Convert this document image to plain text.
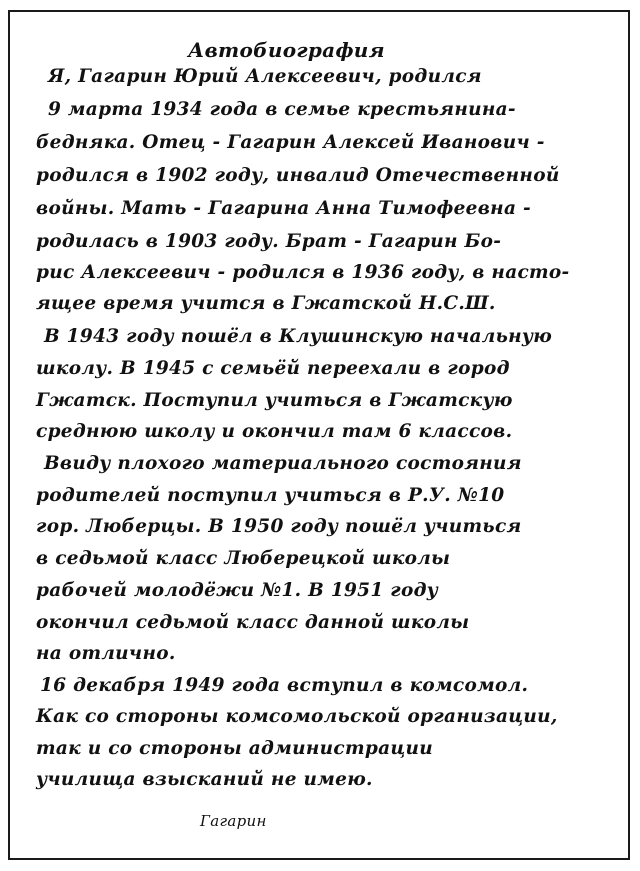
Автобиография
Я, Гагарин Юрий Алексеевич, родился
9 марта 1934 года в семье крестьянина-
бедняка. Отец - Гагарин Алексей Иванович -
родился в 1902 году, инвалид Отечественной
войны. Мать - Гагарина Анна Тимофеевна -
родилась в 1903 году. Брат - Гагарин Бо-
рис Алексеевич - родился в 1936 году, в насто-
ящее время учится в Гжатской Н.С.Ш.
В 1943 году пошёл в Клушинскую начальную
школу. В 1945 с семьёй переехали в город
Гжатск. Поступил учиться в Гжатскую
среднюю школу и окончил там 6 классов.
Ввиду плохого материального состояния
родителей поступил учиться в Р.У. №10
гор. Люберцы. В 1950 году пошёл учиться
в седьмой класс Люберецкой школы
рабочей молодёжи №1. В 1951 году
окончил седьмой класс данной школы
на отлично.
16 декабря 1949 года вступил в комсомол.
Как со стороны комсомольской организации,
так и со стороны администрации
училища взысканий не имею.
Гагарин
